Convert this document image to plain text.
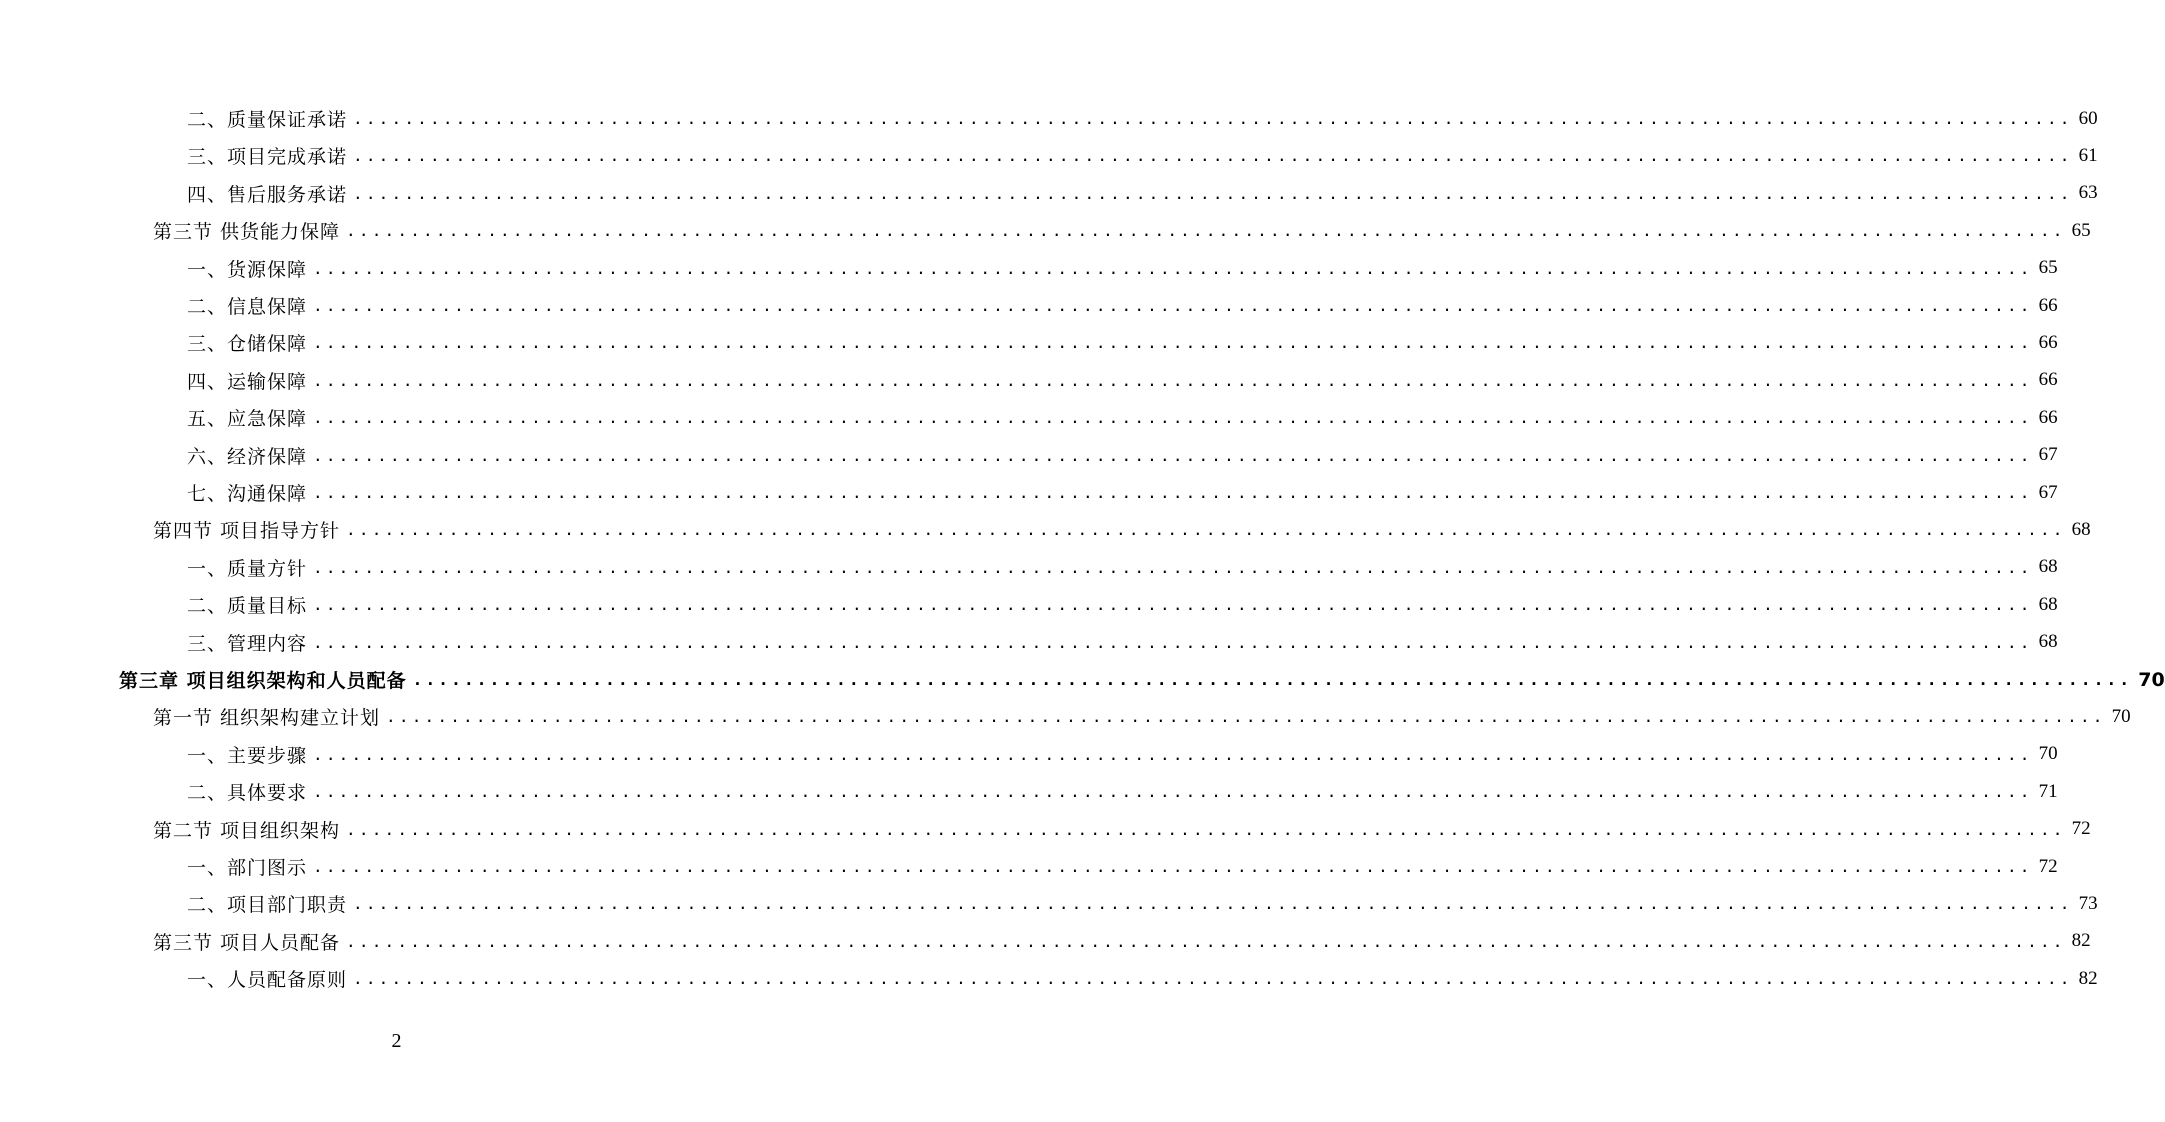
二、质量保证承诺 ...................................................................................................................................... 60
三、项目完成承诺 ...................................................................................................................................... 61
四、售后服务承诺 ...................................................................................................................................... 63
第三节 供货能力保障 ...................................................................................................................................... 65
一、货源保障 ...................................................................................................................................... 65
二、信息保障 ...................................................................................................................................... 66
三、仓储保障 ...................................................................................................................................... 66
四、运输保障 ...................................................................................................................................... 66
五、应急保障 ...................................................................................................................................... 66
六、经济保障 ...................................................................................................................................... 67
七、沟通保障 ...................................................................................................................................... 67
第四节 项目指导方针 ...................................................................................................................................... 68
一、质量方针 ...................................................................................................................................... 68
二、质量目标 ...................................................................................................................................... 68
三、管理内容 ...................................................................................................................................... 68
第三章 项目组织架构和人员配备 ...................................................................................................................................... 70
第一节 组织架构建立计划 ...................................................................................................................................... 70
一、主要步骤 ...................................................................................................................................... 70
二、具体要求 ...................................................................................................................................... 71
第二节 项目组织架构 ...................................................................................................................................... 72
一、部门图示 ...................................................................................................................................... 72
二、项目部门职责 ...................................................................................................................................... 73
第三节 项目人员配备 ...................................................................................................................................... 82
一、人员配备原则 ...................................................................................................................................... 82
2
